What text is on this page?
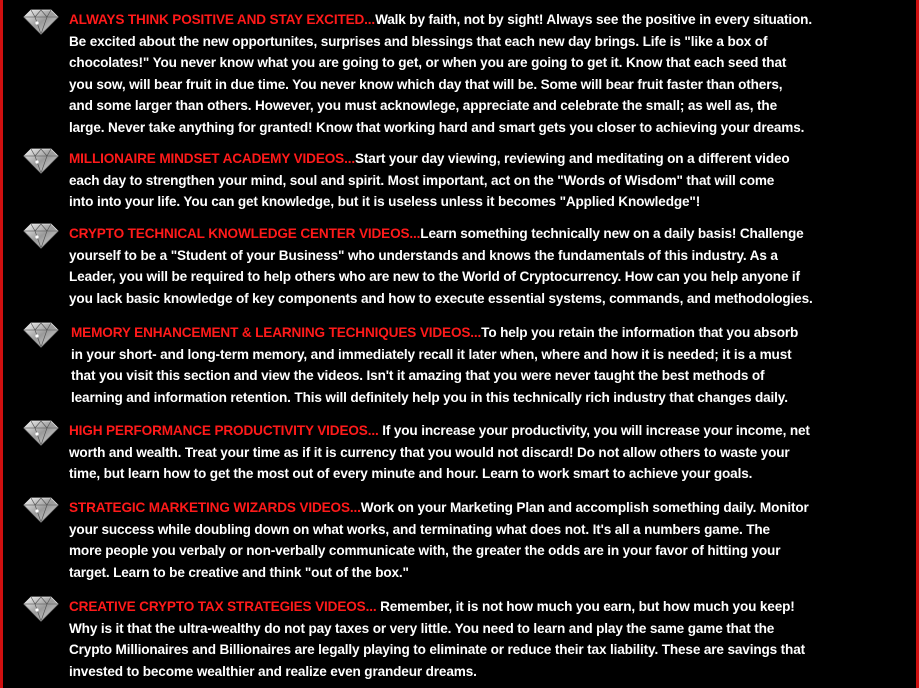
ALWAYS THINK POSITIVE AND STAY EXCITED...Walk by faith, not by sight! Always see the positive in every situation.
Be excited about the new opportunites, surprises and blessings that each new day brings. Life is "like a box of
chocolates!" You never know what you are going to get, or when you are going to get it. Know that each seed that
you sow, will bear fruit in due time. You never know which day that will be. Some will bear fruit faster than others,
and some larger than others. However, you must acknowlege, appreciate and celebrate the small; as well as, the
large. Never take anything for granted! Know that working hard and smart gets you closer to achieving your dreams.
MILLIONAIRE MINDSET ACADEMY VIDEOS...Start your day viewing, reviewing and meditating on a different video
each day to strengthen your mind, soul and spirit. Most important, act on the "Words of Wisdom" that will come
into into your life. You can get knowledge, but it is useless unless it becomes "Applied Knowledge"!
CRYPTO TECHNICAL KNOWLEDGE CENTER VIDEOS...Learn something technically new on a daily basis! Challenge
yourself to be a "Student of your Business" who understands and knows the fundamentals of this industry. As a
Leader, you will be required to help others who are new to the World of Cryptocurrency. How can you help anyone if
you lack basic knowledge of key components and how to execute essential systems, commands, and methodologies.
MEMORY ENHANCEMENT & LEARNING TECHNIQUES VIDEOS...To help you retain the information that you absorb
in your short- and long-term memory, and immediately recall it later when, where and how it is needed; it is a must
that you visit this section and view the videos. Isn't it amazing that you were never taught the best methods of
learning and information retention. This will definitely help you in this technically rich industry that changes daily.
HIGH PERFORMANCE PRODUCTIVITY VIDEOS... If you increase your productivity, you will increase your income, net
worth and wealth. Treat your time as if it is currency that you would not discard! Do not allow others to waste your
time, but learn how to get the most out of every minute and hour. Learn to work smart to achieve your goals.
STRATEGIC MARKETING WIZARDS VIDEOS...Work on your Marketing Plan and accomplish something daily. Monitor
your success while doubling down on what works, and terminating what does not. It's all a numbers game. The
more people you verbaly or non-verbally communicate with, the greater the odds are in your favor of hitting your
target. Learn to be creative and think "out of the box."
CREATIVE CRYPTO TAX STRATEGIES VIDEOS... Remember, it is not how much you earn, but how much you keep!
Why is it that the ultra-wealthy do not pay taxes or very little. You need to learn and play the same game that the
Crypto Millionaires and Billionaires are legally playing to eliminate or reduce their tax liability. These are savings that
invested to become wealthier and realize even grandeur dreams.
